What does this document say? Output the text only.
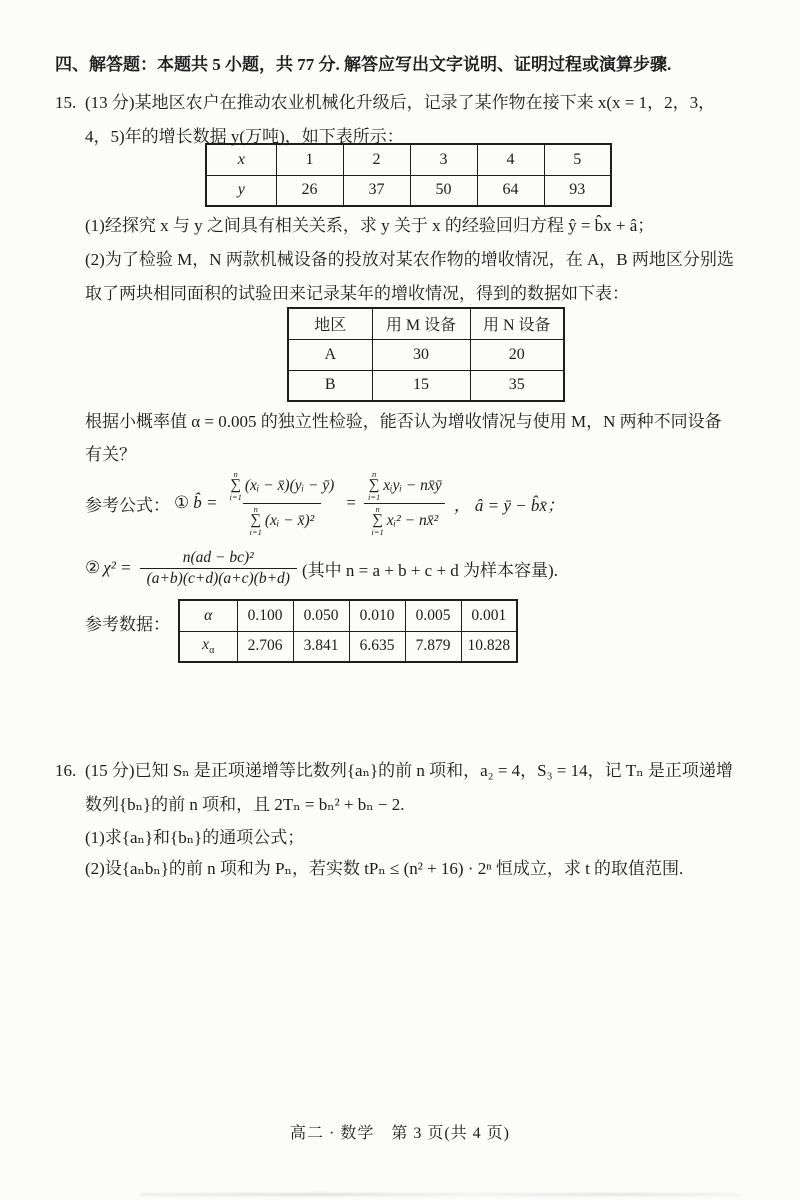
四、解答题：本题共 5 小题，共 77 分. 解答应写出文字说明、证明过程或演算步骤.
15. (13 分)某地区农户在推动农业机械化升级后，记录了某作物在接下来 x(x = 1，2，3，
4，5)年的增长数据 y(万吨)，如下表所示：
x	1	2	3	4	5
y	26	37	50	64	93
(1)经探究 x 与 y 之间具有相关关系，求 y 关于 x 的经验回归方程 ŷ = b̂x + â；
(2)为了检验 M，N 两款机械设备的投放对某农作物的增收情况，在 A，B 两地区分别选
取了两块相同面积的试验田来记录某年的增收情况，得到的数据如下表：
地区	用 M 设备	用 N 设备
A	30	20
B	15	35
根据小概率值 α = 0.005 的独立性检验，能否认为增收情况与使用 M，N 两种不同设备
有关？
参考公式： ① b̂ =
n
∑
i=1
(xᵢ − x̄)(yᵢ − ȳ)
n
∑
i=1
(xᵢ − x̄)²
= n
∑
i=1
xᵢyᵢ − nx̄ȳ
n
∑
i=1
xᵢ² − nx̄² ， â = ȳ − b̂x̄；
② $\chi^2 = \frac{\text{n(ad − bc)²}}{(a+b)(c+d)(a+c)(b+d)}$ (其中 n = a + b + c + d 为样本容量).
参考数据： α	0.100	0.050	0.010	0.005	0.001
$x_\alpha$	2.706	3.841	6.635	7.879	10.828
16. (15 分)已知 Sₙ 是正项递增等比数列{aₙ}的前 n 项和，a₂ = 4，S₃ = 14，记 Tₙ 是正项递增
数列{bₙ}的前 n 项和，且 2Tₙ = bₙ² + bₙ − 2.
(1)求{aₙ}和{bₙ}的通项公式；
(2)设{aₙbₙ}的前 n 项和为 Pₙ，若实数 tPₙ ≤ (n² + 16) · 2ⁿ 恒成立，求 t 的取值范围.
高二 · 数学　第 3 页(共 4 页)
